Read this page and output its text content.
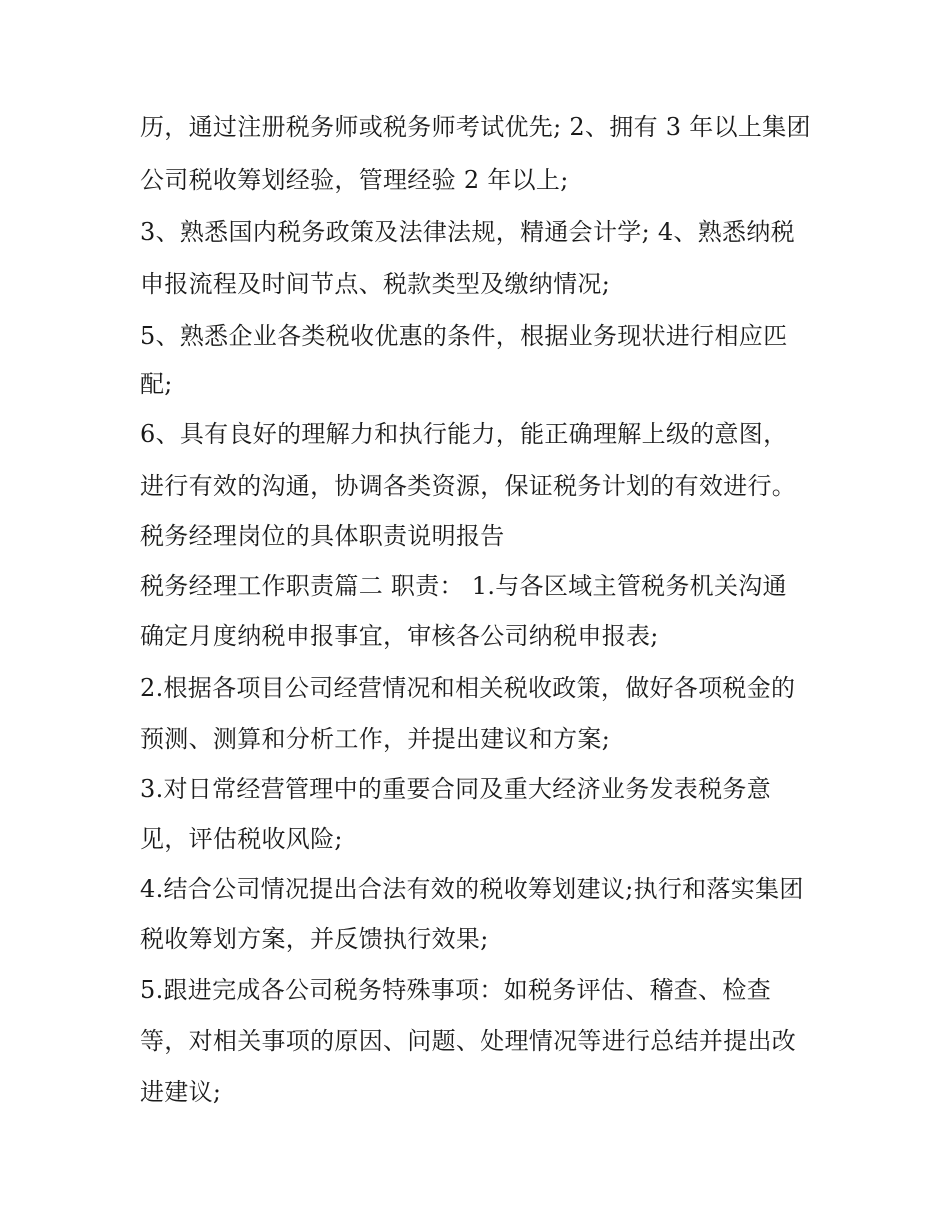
历，通过注册税务师或税务师考试优先; 2、拥有 3 年以上集团
公司税收筹划经验，管理经验 2 年以上;
3、熟悉国内税务政策及法律法规，精通会计学; 4、熟悉纳税
申报流程及时间节点、税款类型及缴纳情况;
5、熟悉企业各类税收优惠的条件，根据业务现状进行相应匹
配;
6、具有良好的理解力和执行能力，能正确理解上级的意图，
进行有效的沟通，协调各类资源，保证税务计划的有效进行。
税务经理岗位的具体职责说明报告
税务经理工作职责篇二 职责： 1.与各区域主管税务机关沟通
确定月度纳税申报事宜，审核各公司纳税申报表;
2.根据各项目公司经营情况和相关税收政策，做好各项税金的
预测、测算和分析工作，并提出建议和方案;
3.对日常经营管理中的重要合同及重大经济业务发表税务意
见，评估税收风险;
4.结合公司情况提出合法有效的税收筹划建议;执行和落实集团
税收筹划方案，并反馈执行效果;
5.跟进完成各公司税务特殊事项：如税务评估、稽查、检查
等，对相关事项的原因、问题、处理情况等进行总结并提出改
进建议;
